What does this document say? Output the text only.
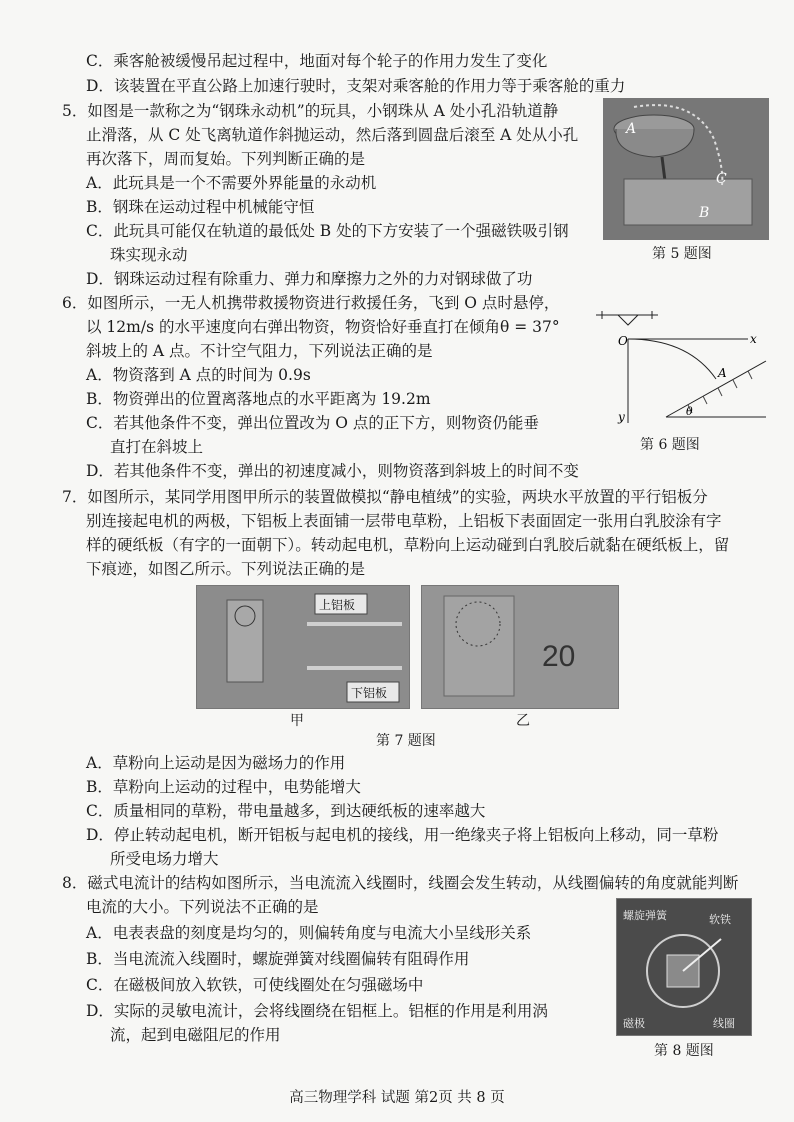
C．乘客舱被缓慢吊起过程中，地面对每个轮子的作用力发生了变化
D．该装置在平直公路上加速行驶时，支架对乘客舱的作用力等于乘客舱的重力
5．如图是一款称之为“钢珠永动机”的玩具，小钢珠从 A 处小孔沿轨道静
止滑落，从 C 处飞离轨道作斜抛运动，然后落到圆盘后滚至 A 处从小孔
再次落下，周而复始。下列判断正确的是
A．此玩具是一个不需要外界能量的永动机
B．钢珠在运动过程中机械能守恒
C．此玩具可能仅在轨道的最低处 B 处的下方安装了一个强磁铁吸引钢
珠实现永动
D．钢珠运动过程有除重力、弹力和摩擦力之外的力对钢球做了功
A
C
B
第 5 题图
6．如图所示，一无人机携带救援物资进行救援任务，飞到 O 点时悬停，
以 12m/s 的水平速度向右弹出物资，物资恰好垂直打在倾角θ = 37°
斜坡上的 A 点。不计空气阻力，下列说法正确的是
A．物资落到 A 点的时间为 0.9s
B．物资弹出的位置离落地点的水平距离为 19.2m
C．若其他条件不变，弹出位置改为 O 点的正下方，则物资仍能垂
直打在斜坡上
D．若其他条件不变，弹出的初速度减小，则物资落到斜坡上的时间不变
O	x
y
A
θ
第 6 题图
7．如图所示，某同学用图甲所示的装置做模拟“静电植绒”的实验，两块水平放置的平行铝板分
别连接起电机的两极，下铝板上表面铺一层带电草粉，上铝板下表面固定一张用白乳胶涂有字
样的硬纸板（有字的一面朝下）。转动起电机，草粉向上运动碰到白乳胶后就黏在硬纸板上，留
下痕迹，如图乙所示。下列说法正确的是
上铝板
下铝板
20
甲	乙
第 7 题图
A．草粉向上运动是因为磁场力的作用
B．草粉向上运动的过程中，电势能增大
C．质量相同的草粉，带电量越多，到达硬纸板的速率越大
D．停止转动起电机，断开铝板与起电机的接线，用一绝缘夹子将上铝板向上移动，同一草粉
所受电场力增大
8．磁式电流计的结构如图所示，当电流流入线圈时，线圈会发生转动，从线圈偏转的角度就能判断
电流的大小。下列说法不正确的是
A．电表表盘的刻度是均匀的，则偏转角度与电流大小呈线形关系
B．当电流流入线圈时，螺旋弹簧对线圈偏转有阻碍作用
C．在磁极间放入软铁，可使线圈处在匀强磁场中
D．实际的灵敏电流计，会将线圈绕在铝框上。铝框的作用是利用涡
流，起到电磁阻尼的作用
螺旋弹簧	软铁
磁极	线圈
第 8 题图
高三物理学科 试题 第2页 共 8 页
